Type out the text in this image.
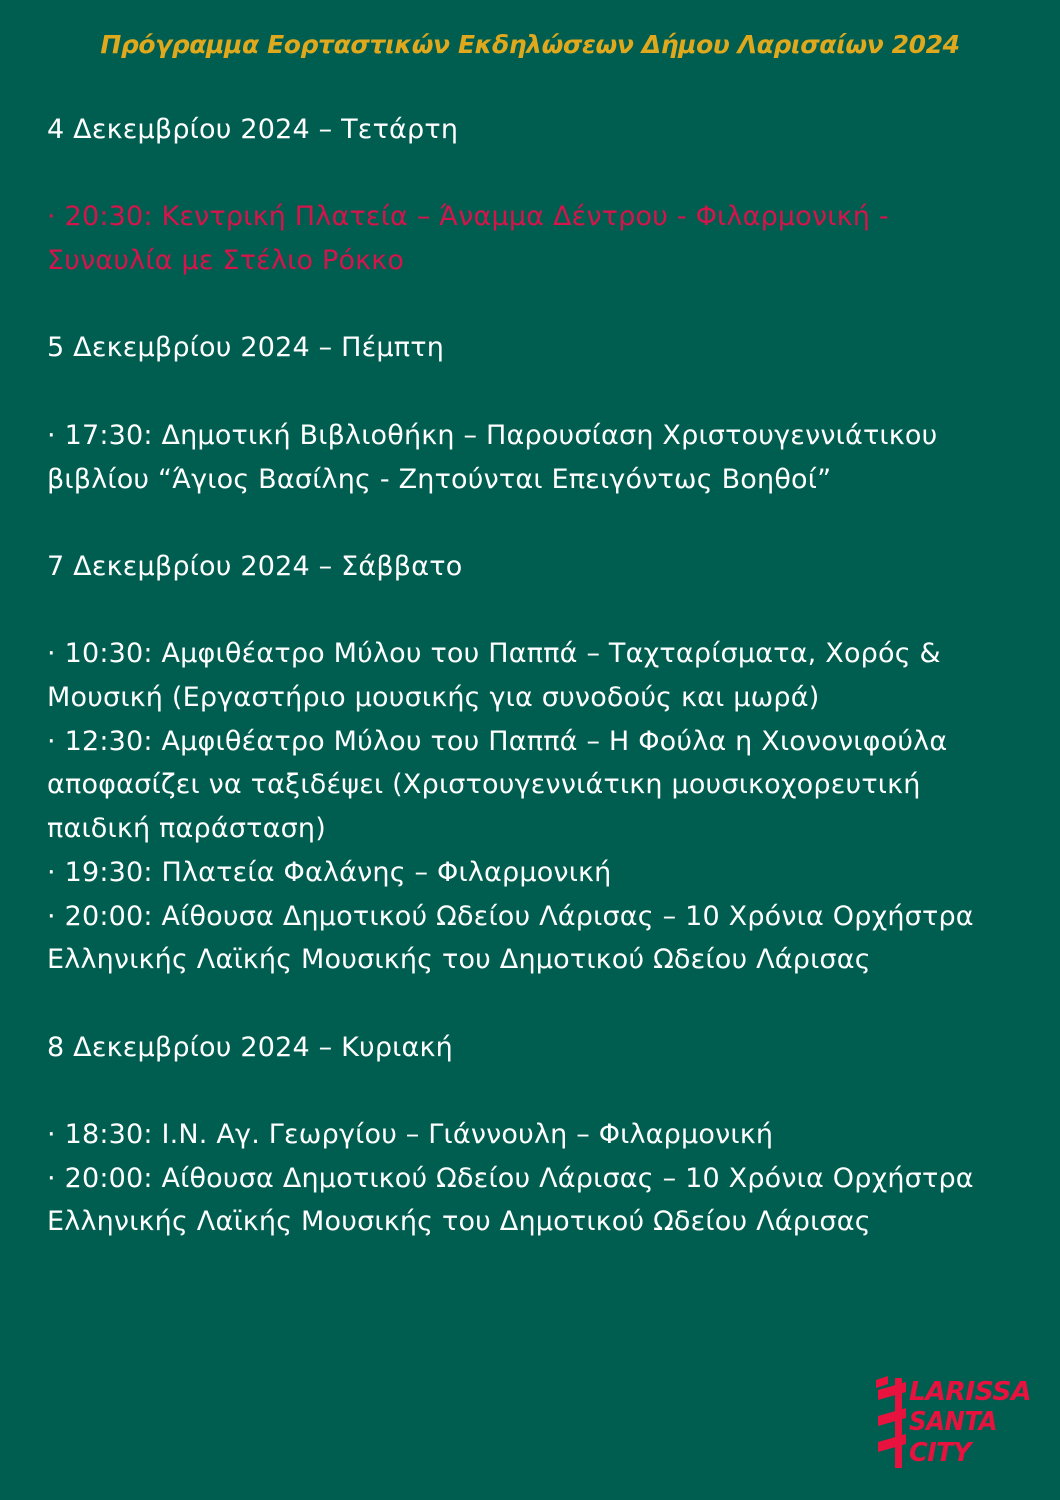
Πρόγραμμα Εορταστικών Εκδηλώσεων Δήμου Λαρισαίων 2024

4 Δεκεμβρίου 2024 – Τετάρτη

· 20:30: Κεντρική Πλατεία – Άναμμα Δέντρου - Φιλαρμονική - Συναυλία με Στέλιο Ρόκκο

5 Δεκεμβρίου 2024 – Πέμπτη

· 17:30: Δημοτική Βιβλιοθήκη – Παρουσίαση Χριστουγεννιάτικου βιβλίου “Άγιος Βασίλης - Ζητούνται Επειγόντως Βοηθοί”

7 Δεκεμβρίου 2024 – Σάββατο

· 10:30: Αμφιθέατρο Μύλου του Παππά – Ταχταρίσματα, Χορός & Μουσική (Εργαστήριο μουσικής για συνοδούς και μωρά)

· 12:30: Αμφιθέατρο Μύλου του Παππά – Η Φούλα η Χιονονιφούλα αποφασίζει να ταξιδέψει (Χριστουγεννιάτικη μουσικοχορευτική παιδική παράσταση)

· 19:30: Πλατεία Φαλάνης – Φιλαρμονική

· 20:00: Αίθουσα Δημοτικού Ωδείου Λάρισας – 10 Χρόνια Ορχήστρα Ελληνικής Λαϊκής Μουσικής του Δημοτικού Ωδείου Λάρισας

8 Δεκεμβρίου 2024 – Κυριακή

· 18:30: Ι.Ν. Αγ. Γεωργίου – Γιάννουλη – Φιλαρμονική

· 20:00: Αίθουσα Δημοτικού Ωδείου Λάρισας – 10 Χρόνια Ορχήστρα Ελληνικής Λαϊκής Μουσικής του Δημοτικού Ωδείου Λάρισας

LARISSA
SANTA
CITY
